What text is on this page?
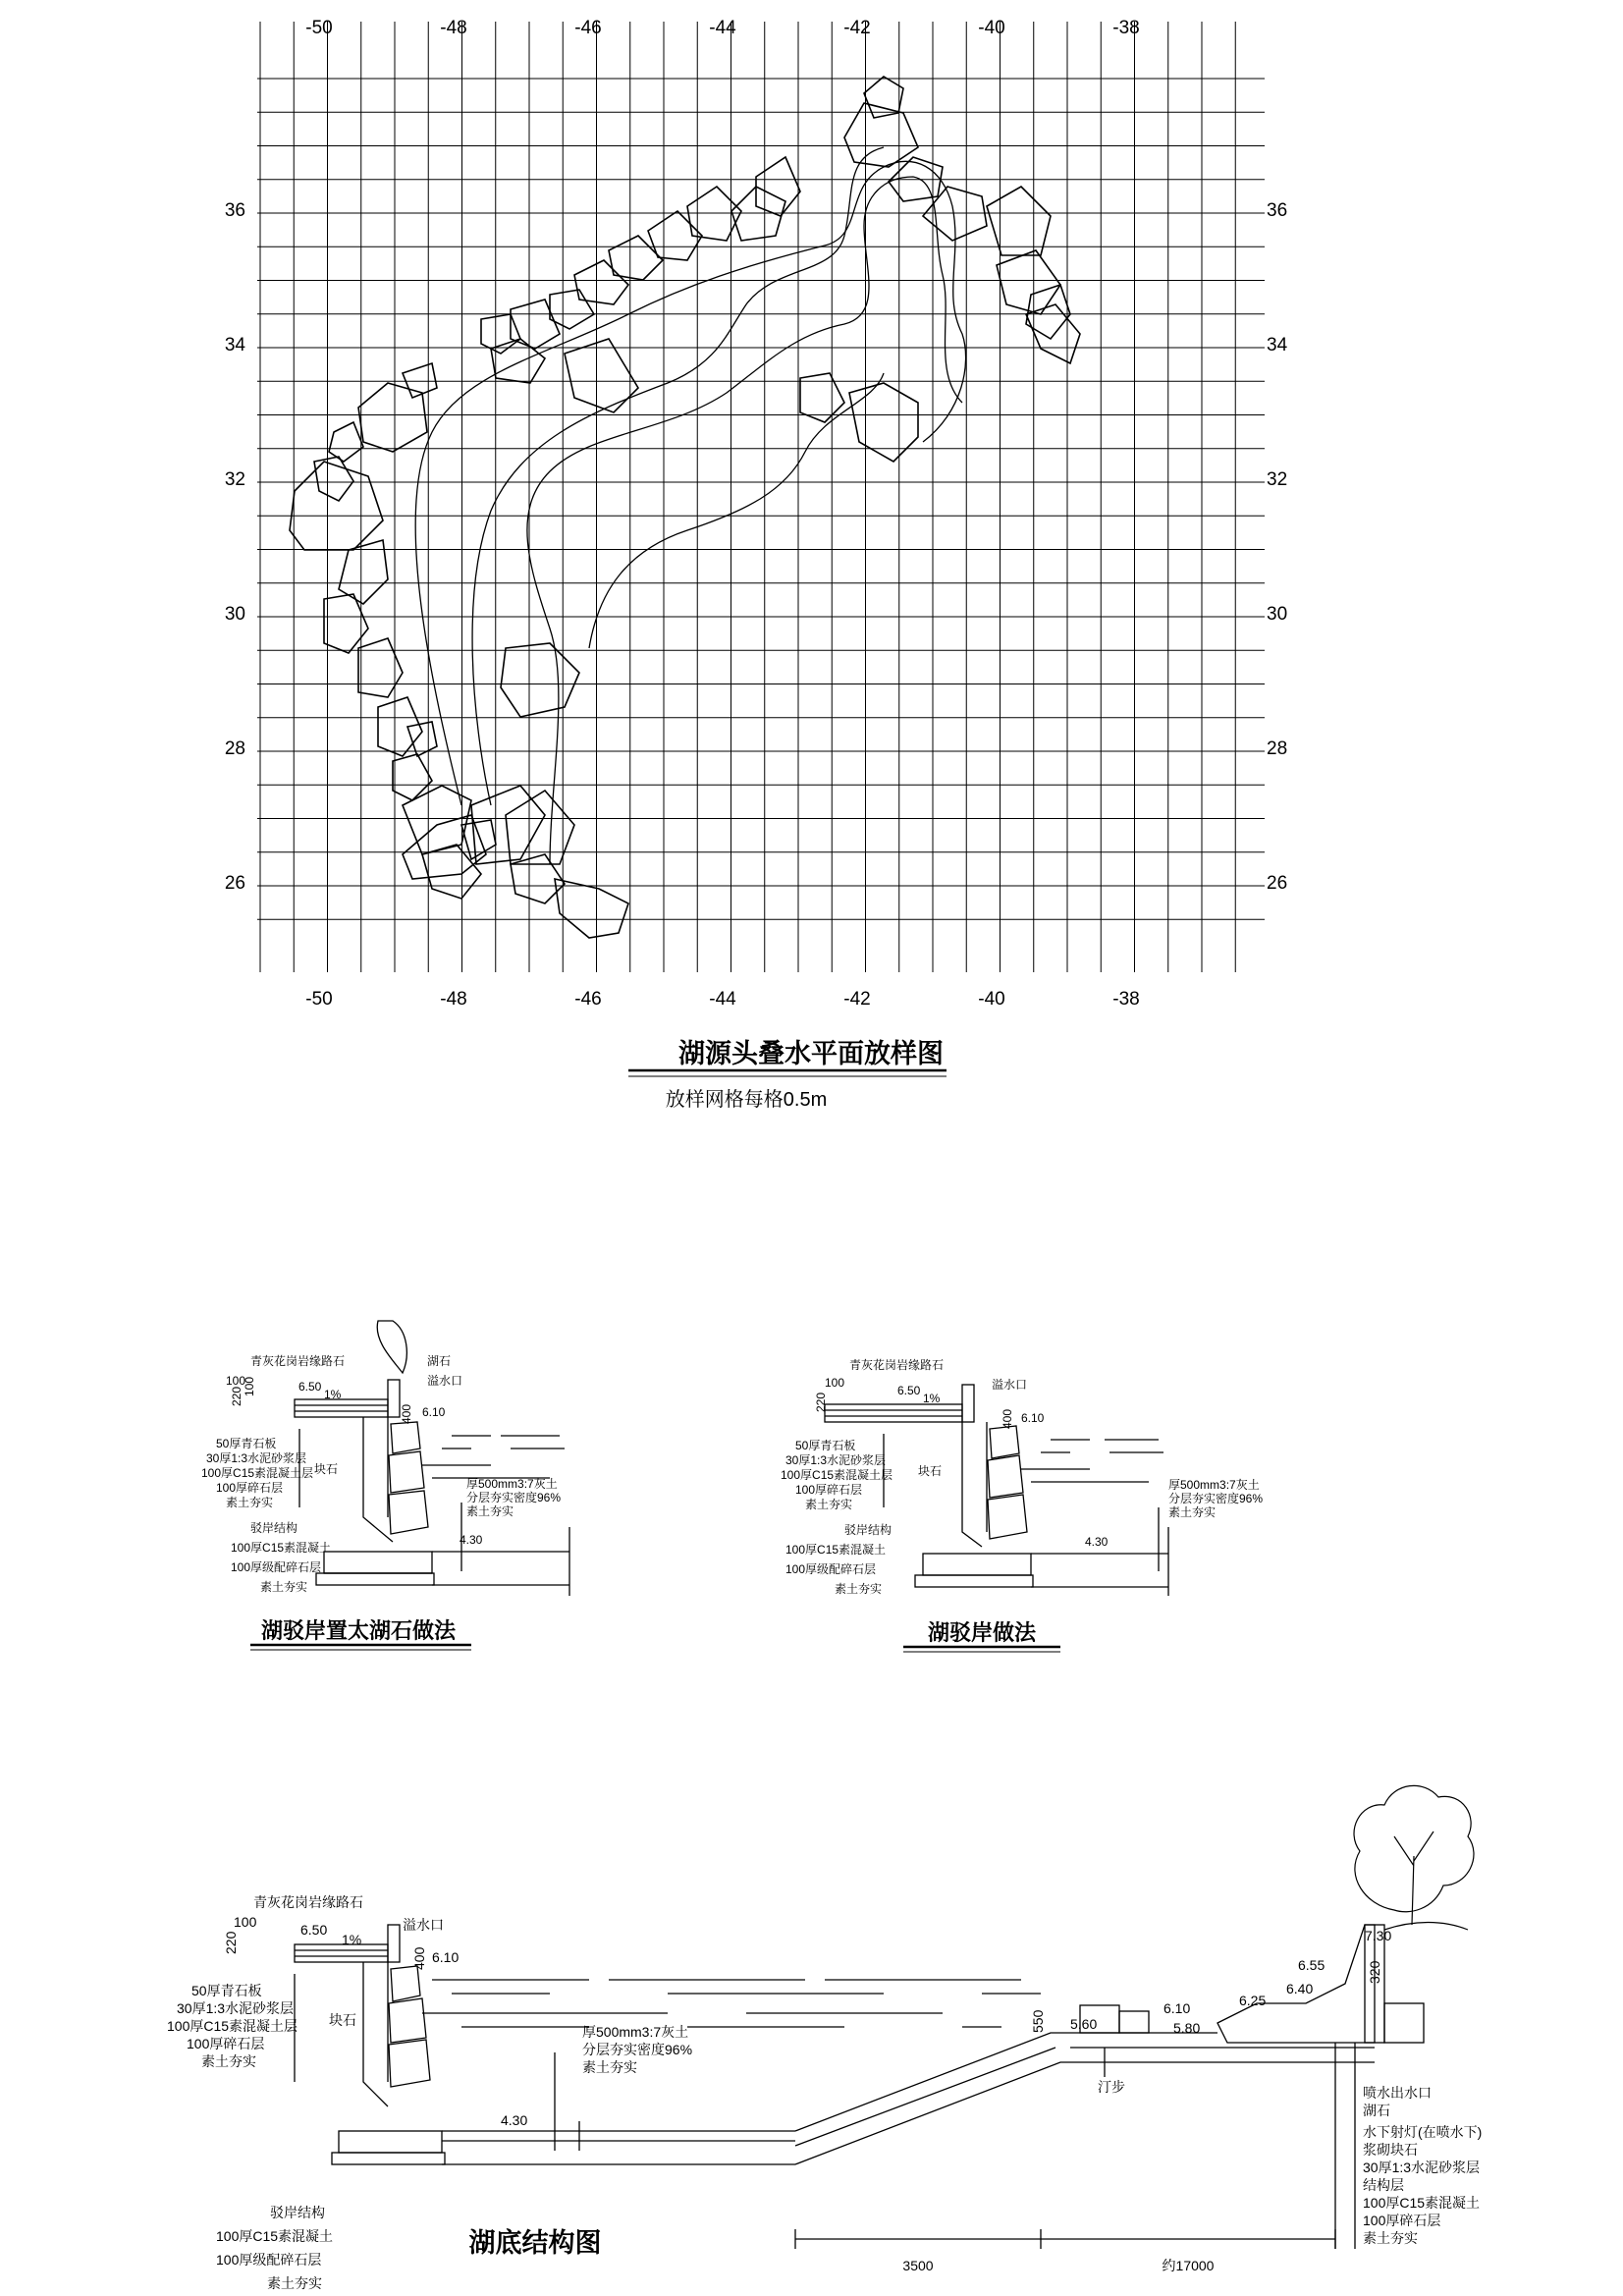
-50	-48	-46	-44	-42	-40	-38
-50	-48	-46	-44	-42	-40	-38
36
34
32
30
28
26
36
34
32
30
28
26
湖源头叠水平面放样图
放样网格每格0.5m
青灰花岗岩缘路石	湖石
溢水口
100
220 100	6.50
1%
400 6.10
50厚青石板
30厚1:3水泥砂浆层
100厚C15素混凝土层
100厚碎石层
素土夯实
块石
厚500mm3:7灰土
分层夯实密度96%
素土夯实
4.30
驳岸结构
100厚C15素混凝土
100厚级配碎石层
素土夯实
湖驳岸置太湖石做法
青灰花岗岩缘路石
溢水口
100
220
6.50
1%
400 6.10
50厚青石板
30厚1:3水泥砂浆层
100厚C15素混凝土层
100厚碎石层
素土夯实
块石
厚500mm3:7灰土
分层夯实密度96%
素土夯实
4.30
驳岸结构
100厚C15素混凝土
100厚级配碎石层
素土夯实
湖驳岸做法
青灰花岗岩缘路石
溢水口
100
220
6.50
1%
400 6.10
50厚青石板
30厚1:3水泥砂浆层
100厚C15素混凝土层
100厚碎石层
素土夯实
块石
厚500mm3:7灰土
分层夯实密度96%
素土夯实
4.30
驳岸结构
100厚C15素混凝土
100厚级配碎石层
素土夯实
550 5.60
6.10
5.80
6.25
6.40
6.55
7.30
320
汀步	喷水出水口
湖石
水下射灯(在喷水下)
浆砌块石
30厚1:3水泥砂浆层
结构层
100厚C15素混凝土
100厚碎石层
素土夯实
3500	约17000
湖底结构图
